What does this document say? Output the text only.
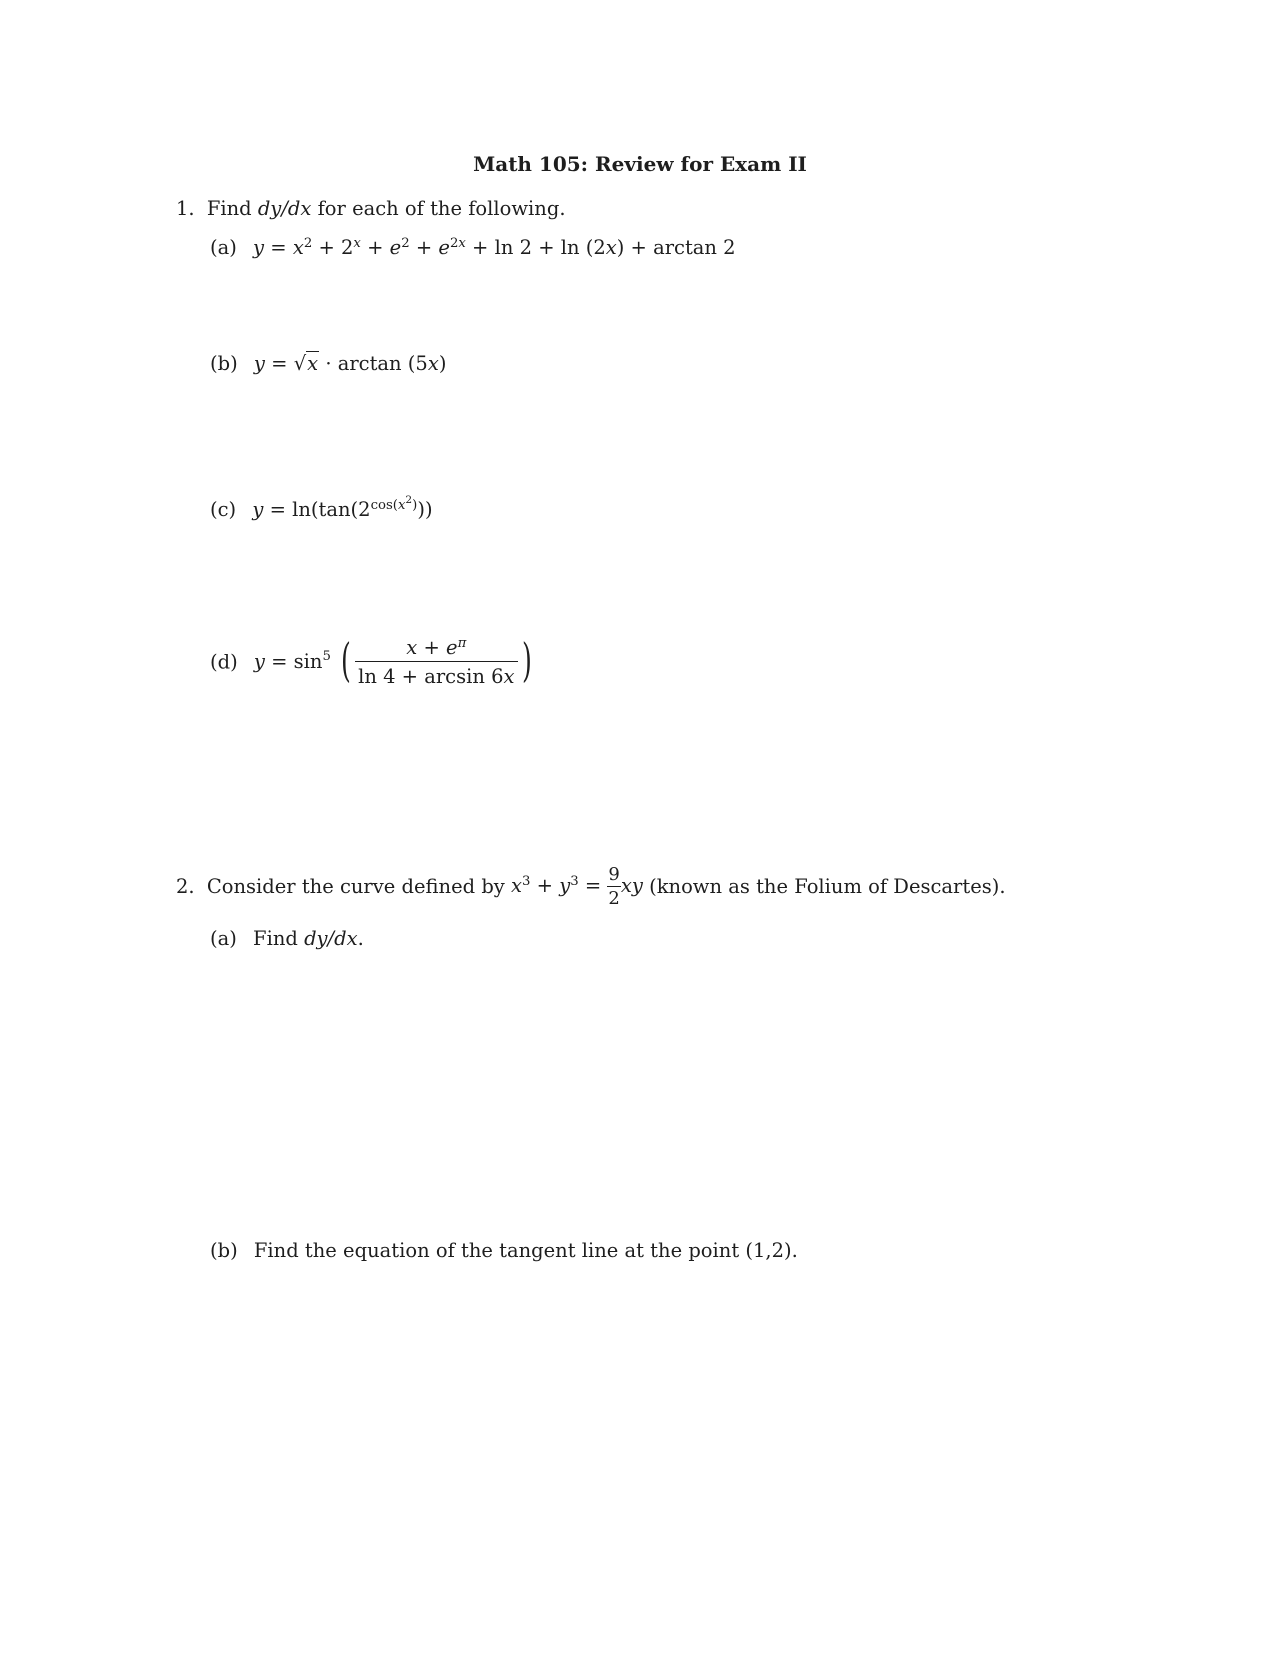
Math 105: Review for Exam II
1. Find dy/dx for each of the following.
(a) $y = x^2 + 2^x + e^2 + e^{2x} + \ln 2 + \ln (2x) + \arctan 2$
(b) y = √x · arctan (5x)
(c) $y = \ln(\tan(2^{cos(x^2)}))$
(d) $y = \sin^5$ ( $\frac{x + e^\pi}{\ln 4 + \arcsin 6x}$ )
2. Consider the curve defined by $x^3 + y^3 = \frac{9}{2}$ xy (known as the Folium of Descartes).
(a) Find dy/dx.
(b) Find the equation of the tangent line at the point (1,2).
